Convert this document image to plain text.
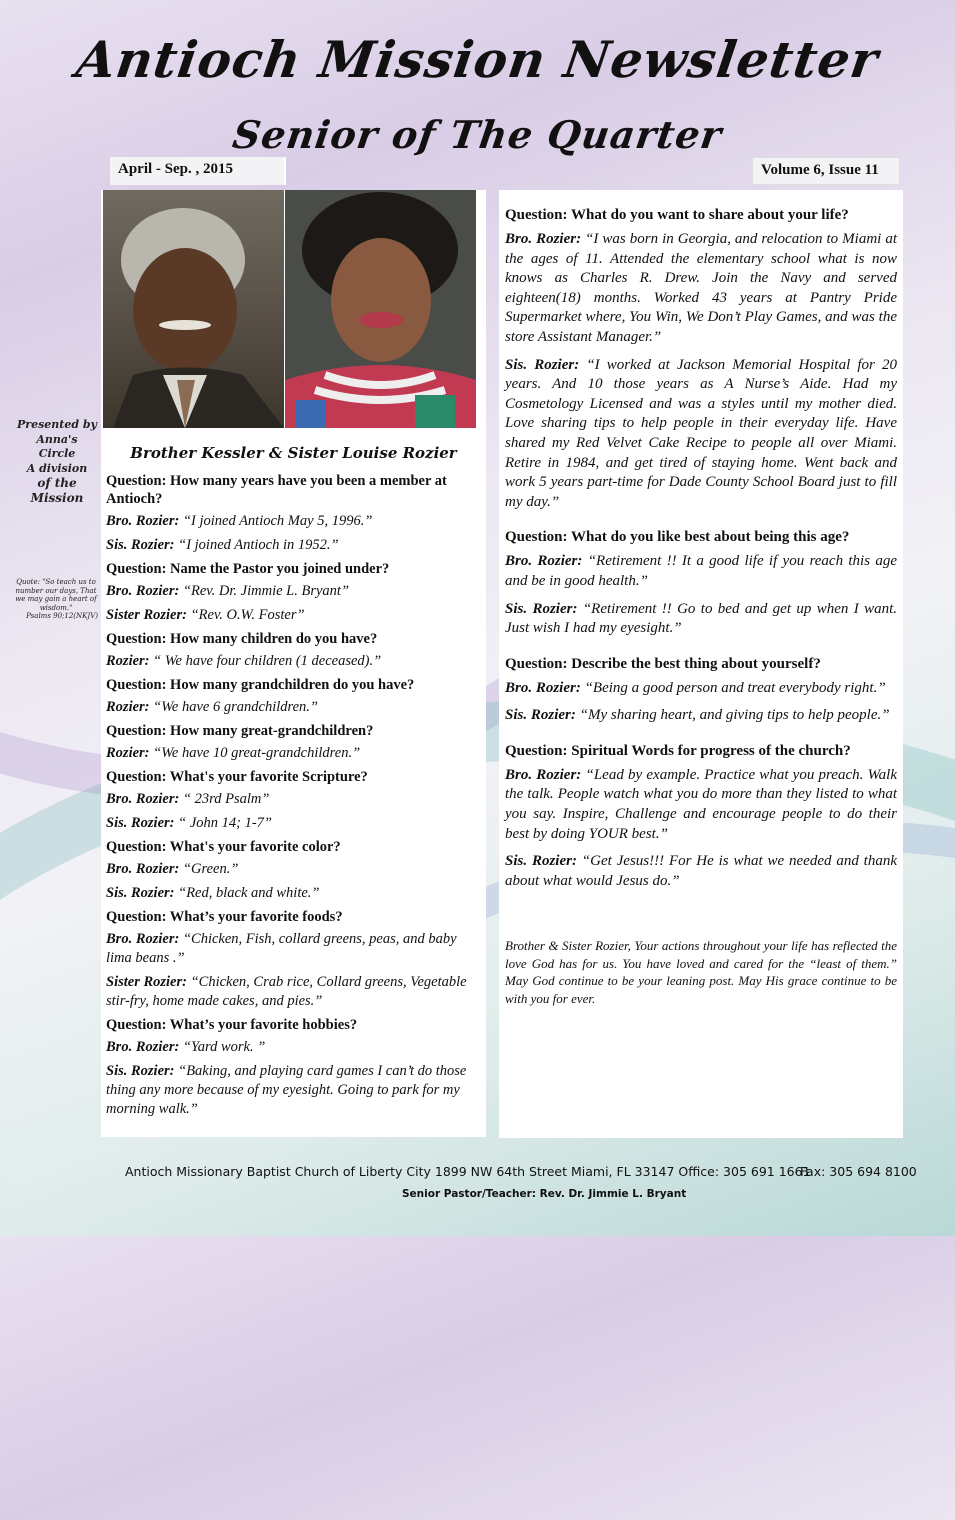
Antioch Mission Newsletter
Senior of The Quarter
April - Sep. , 2015	Volume 6, Issue 11
Presented by
Anna's
Circle
A division
of the
Mission
Quote: "So teach us to number our days, That we may gain a heart of wisdom."
Psalms 90;12(NKJV)
Brother Kessler & Sister Louise Rozier
Question: How many years have you been a member at Antioch?
Bro. Rozier: “I joined Antioch May 5, 1996.”
Sis. Rozier: “I joined Antioch in 1952.”
Question: Name the Pastor you joined under?
Bro. Rozier: “Rev. Dr. Jimmie L. Bryant”
Sister Rozier: “Rev. O.W. Foster”
Question: How many children do you have?
Rozier: “ We have four children (1 deceased).”
Question: How many grandchildren do you have?
Rozier: “We have 6 grandchildren.”
Question: How many great-grandchildren?
Rozier: “We have 10 great-grandchildren.”
Question: What's your favorite Scripture?
Bro. Rozier: “ 23rd Psalm”
Sis. Rozier: “ John 14; 1-7”
Question: What's your favorite color?
Bro. Rozier: “Green.”
Sis. Rozier: “Red, black and white.”
Question: What’s your favorite foods?
Bro. Rozier: “Chicken, Fish, collard greens, peas, and baby lima beans .”
Sister Rozier: “Chicken, Crab rice, Collard greens, Vegetable stir-fry, home made cakes, and pies.”
Question: What’s your favorite hobbies?
Bro. Rozier: “Yard work. ”
Sis. Rozier: “Baking, and playing card games I can’t do those thing any more because of my eyesight. Going to park for my morning walk.”
Question: What do you want to share about your life?
Bro. Rozier: “I was born in Georgia, and relocation to Miami at the ages of 11. Attended the elementary school what is now knows as Charles R. Drew. Join the Navy and served eighteen(18) months. Worked 43 years at Pantry Pride Supermarket where, You Win, We Don’t Play Games, and was the store Assistant Manager.”
Sis. Rozier: “I worked at Jackson Memorial Hospital for 20 years. And 10 those years as A Nurse’s Aide. Had my Cosmetology Licensed and was a styles until my mother died. Love sharing tips to help people in their everyday life. Have shared my Red Velvet Cake Recipe to people all over Miami. Retire in 1984, and get tired of staying home. Went back and work 5 years part-time for Dade County School Board just to fill my day.”
Question: What do you like best about being this age?
Bro. Rozier: “Retirement !! It a good life if you reach this age and be in good health.”
Sis. Rozier: “Retirement !! Go to bed and get up when I want. Just wish I had my eyesight.”
Question: Describe the best thing about yourself?
Bro. Rozier: “Being a good person and treat everybody right.”
Sis. Rozier: “My sharing heart, and giving tips to help people.”
Question: Spiritual Words for progress of the church?
Bro. Rozier: “Lead by example. Practice what you preach. Walk the talk. People watch what you do more than they listed to what you say. Inspire, Challenge and encourage people to do their best by doing YOUR best.”
Sis. Rozier: “Get Jesus!!! For He is what we needed and thank about what would Jesus do.”
Brother & Sister Rozier, Your actions throughout your life has reflected the love God has for us. You have loved and cared for the “least of them.” May God continue to be your leaning post. May His grace continue to be with you for ever.
Antioch Missionary Baptist Church of Liberty City 1899 NW 64th Street Miami, FL 33147 Office: 305 691 1661
Fax: 305 694 8100
Senior Pastor/Teacher: Rev. Dr. Jimmie L. Bryant
